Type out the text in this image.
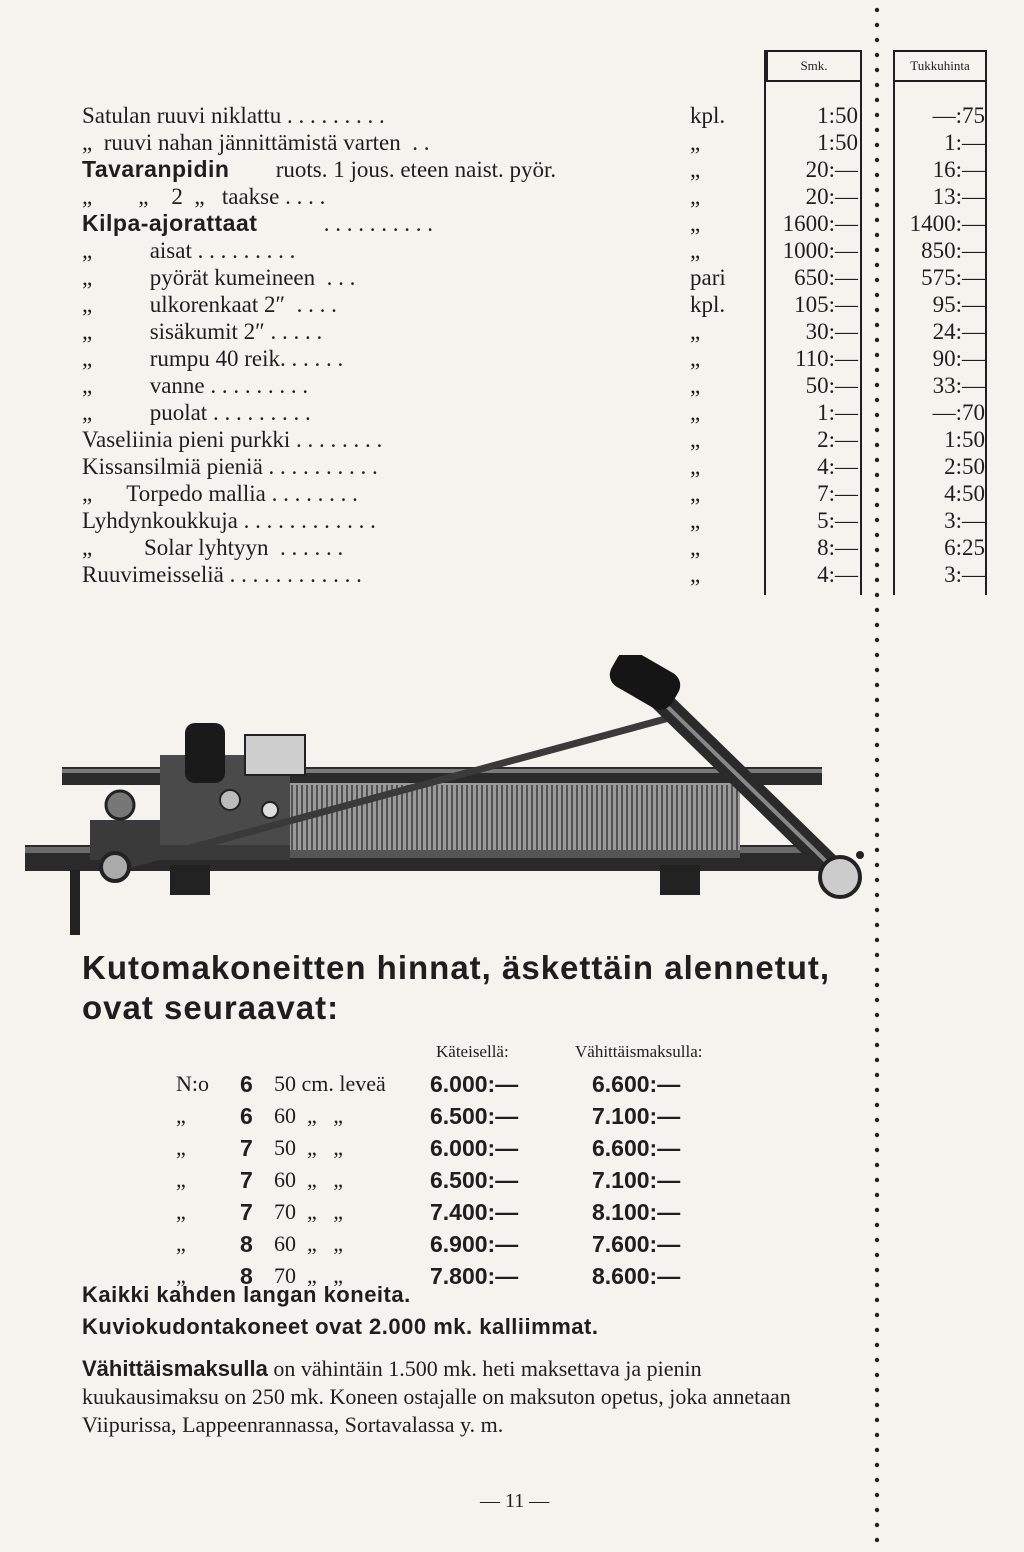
Smk.	Tukkuhinta
Satulan ruuvi niklattu . . . . . . . . .	kpl.	1:50	—:75
„  ruuvi nahan jännittämistä varten  . .	„	1:50	1:—
Tavaranpidin ruots. 1 jous. eteen naist. pyör.	„	20:—	16:—
„        „    2  „   taakse . . . .	„	20:—	13:—
Kilpa-ajorattaat	. . . . . . . . . .	„	1600:—	1400:—
„          aisat . . . . . . . . .	„	1000:—	850:—
„          pyörät kumeineen  . . .	pari	650:—	575:—
„          ulkorenkaat 2″  . . . .	kpl.	105:—	95:—
„          sisäkumit 2″ . . . . .	„	30:—	24:—
„          rumpu 40 reik. . . . . .	„	110:—	90:—
„          vanne . . . . . . . . .	„	50:—	33:—
„          puolat . . . . . . . . .	„	1:—	—:70
Vaseliinia pieni purkki . . . . . . . .	„	2:—	1:50
Kissansilmiä pieniä . . . . . . . . . .	„	4:—	2:50
„      Torpedo mallia . . . . . . . .	„	7:—	4:50
Lyhdynkoukkuja . . . . . . . . . . . .	„	5:—	3:—
„         Solar lyhtyyn  . . . . . .	„	8:—	6:25
Ruuvimeisseliä . . . . . . . . . . . .	„	4:—	3:—
Kutomakoneitten hinnat, äskettäin alennetut, ovat seuraavat:
Käteisellä:	Vähittäismaksulla:
N:o 6 50 cm. leveä 6.000:—	6.600:—
„ 6 60  „   „	6.500:—	7.100:—
„ 7 50  „   „	6.000:—	6.600:—
„ 7 60  „   „	6.500:—	7.100:—
„ 7 70  „   „	7.400:—	8.100:—
„ 8 60  „   „	6.900:—	7.600:—
„ 8 70  „   „	7.800:—	8.600:—
Kaikki kahden langan koneita.
Kuviokudontakoneet ovat 2.000 mk. kalliimmat.
Vähittäismaksulla on vähintäin 1.500 mk. heti maksettava ja pienin kuukausimaksu on 250 mk. Koneen ostajalle on maksuton opetus, joka annetaan Viipurissa, Lappeenrannassa, Sortavalassa y. m.
— 11 —
